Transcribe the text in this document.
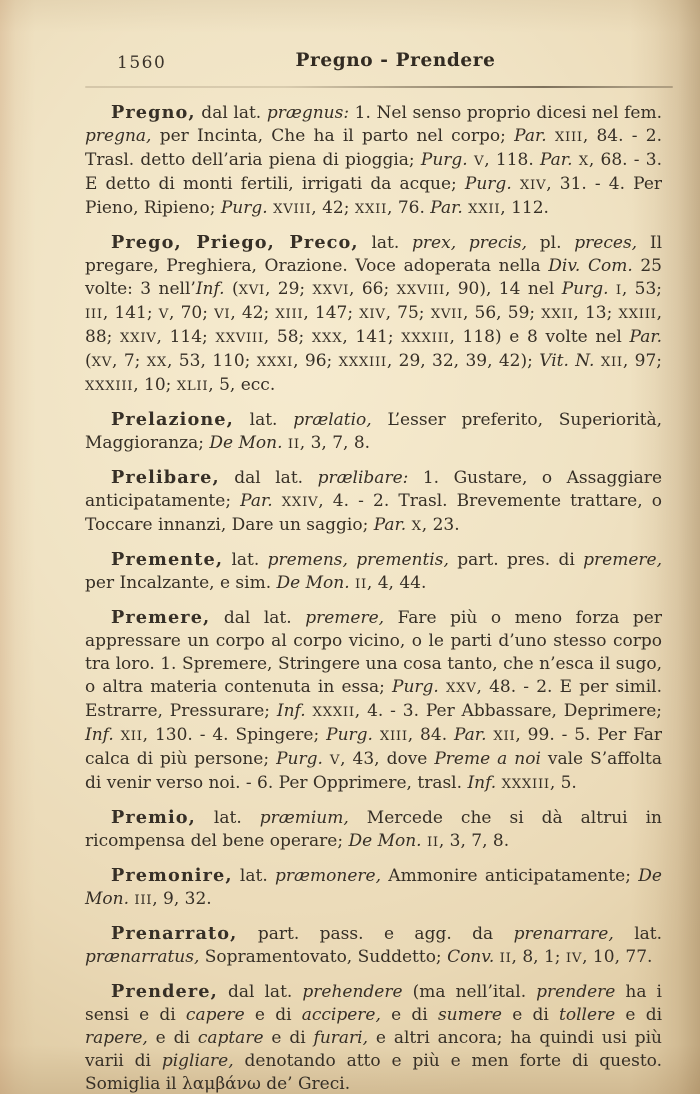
1560	Pregno - Prendere

Pregno, dal lat. prægnus: 1. Nel senso proprio dicesi nel fem. pregna, per Incinta, Che ha il parto nel corpo; Par. XIII, 84. - 2. Trasl. detto dell’aria piena di pioggia; Purg. V, 118. Par. X, 68. - 3. E detto di monti fertili, irrigati da acque; Purg. XIV, 31. - 4. Per Pieno, Ripieno; Purg. XVIII, 42; XXII, 76. Par. XXII, 112.

Prego, Priego, Preco, lat. prex, precis, pl. preces, Il pregare, Preghiera, Orazione. Voce adoperata nella Div. Com. 25 volte: 3 nell’Inf. (XVI, 29; XXVI, 66; XXVIII, 90), 14 nel Purg. I, 53; III, 141; V, 70; VI, 42; XIII, 147; XIV, 75; XVII, 56, 59; XXII, 13; XXIII, 88; XXIV, 114; XXVIII, 58; XXX, 141; XXXIII, 118) e 8 volte nel Par. (XV, 7; XX, 53, 110; XXXI, 96; XXXIII, 29, 32, 39, 42); Vit. N. XII, 97; XXXIII, 10; XLII, 5, ecc.

Prelazione, lat. prælatio, L’esser preferito, Superiorità, Maggioranza; De Mon. II, 3, 7, 8.

Prelibare, dal lat. prælibare: 1. Gustare, o Assaggiare anticipatamente; Par. XXIV, 4. - 2. Trasl. Brevemente trattare, o Toccare innanzi, Dare un saggio; Par. X, 23.

Premente, lat. premens, prementis, part. pres. di premere, per Incalzante, e sim. De Mon. II, 4, 44.

Premere, dal lat. premere, Fare più o meno forza per appressare un corpo al corpo vicino, o le parti d’uno stesso corpo tra loro. 1. Spremere, Stringere una cosa tanto, che n’esca il sugo, o altra materia contenuta in essa; Purg. XXV, 48. - 2. E per simil. Estrarre, Pressurare; Inf. XXXII, 4. - 3. Per Abbassare, Deprimere; Inf. XII, 130. - 4. Spingere; Purg. XIII, 84. Par. XII, 99. - 5. Per Far calca di più persone; Purg. V, 43, dove Preme a noi vale S’affolta di venir verso noi. - 6. Per Opprimere, trasl. Inf. XXXIII, 5.

Premio, lat. præmium, Mercede che si dà altrui in ricompensa del bene operare; De Mon. II, 3, 7, 8.

Premonire, lat. præmonere, Ammonire anticipatamente; De Mon. III, 9, 32.

Prenarrato, part. pass. e agg. da prenarrare, lat. prænarratus, Sopramentovato, Suddetto; Conv. II, 8, 1; IV, 10, 77.

Prendere, dal lat. prehendere (ma nell’ital. prendere ha i sensi e di capere e di accipere, e di sumere e di tollere e di rapere, e di captare e di furari, e altri ancora; ha quindi usi più varii di pigliare, denotando atto e più e men forte di questo. Somiglia il λαμβάνω de’ Greci.
